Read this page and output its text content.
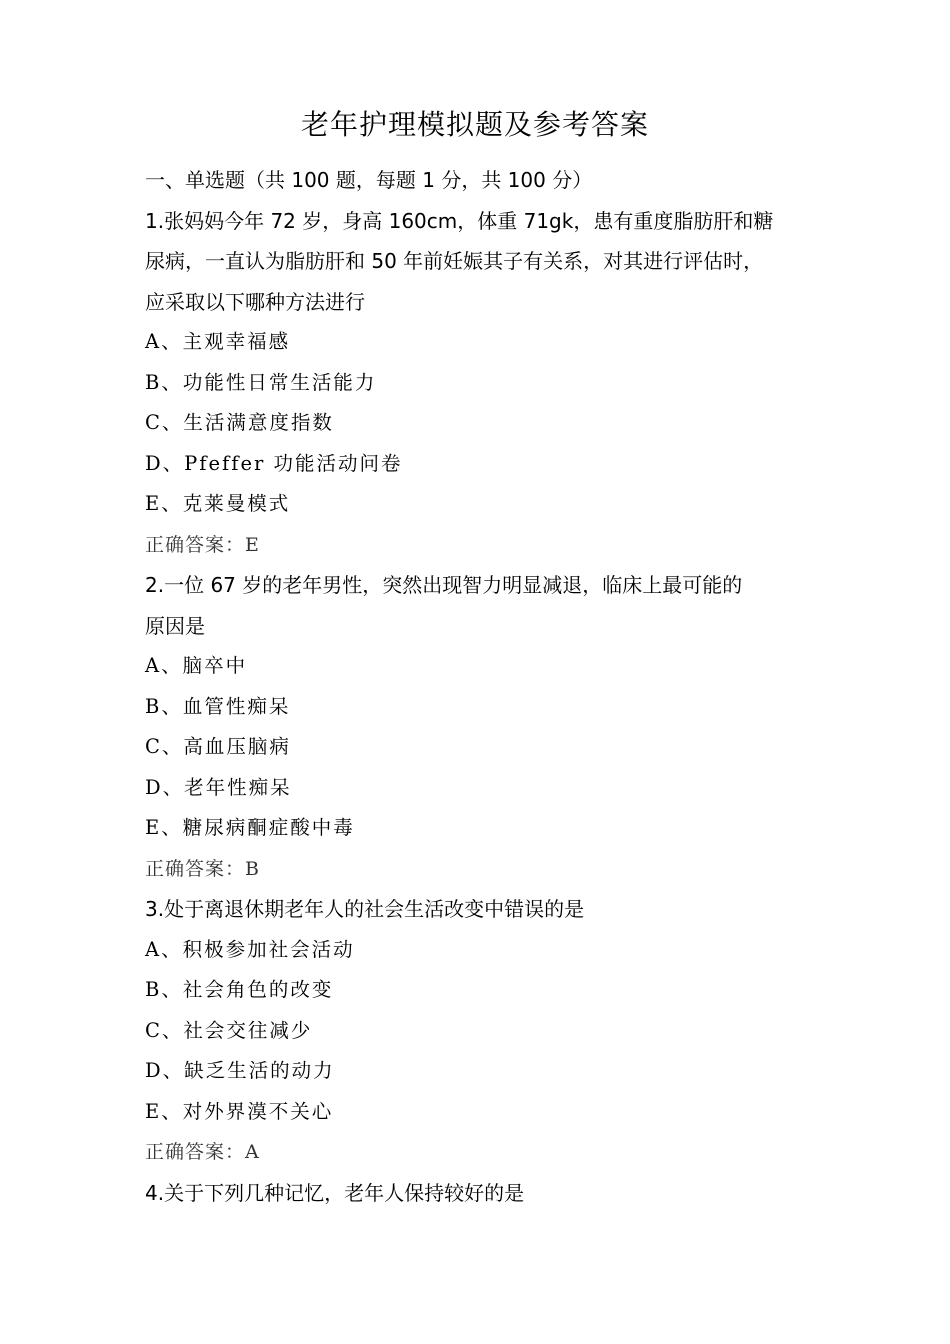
老年护理模拟题及参考答案
一、单选题（共 100 题，每题 1 分，共 100 分）
1.张妈妈今年 72 岁，身高 160cm，体重 71gk，患有重度脂肪肝和糖
尿病，一直认为脂肪肝和 50 年前妊娠其子有关系，对其进行评估时，
应采取以下哪种方法进行
A、主观幸福感
B、功能性日常生活能力
C、生活满意度指数
D、Pfeffer 功能活动问卷
E、克莱曼模式
正确答案：E
2.一位 67 岁的老年男性，突然出现智力明显减退，临床上最可能的
原因是
A、脑卒中
B、血管性痴呆
C、高血压脑病
D、老年性痴呆
E、糖尿病酮症酸中毒
正确答案：B
3.处于离退休期老年人的社会生活改变中错误的是
A、积极参加社会活动
B、社会角色的改变
C、社会交往减少
D、缺乏生活的动力
E、对外界漠不关心
正确答案：A
4.关于下列几种记忆，老年人保持较好的是
